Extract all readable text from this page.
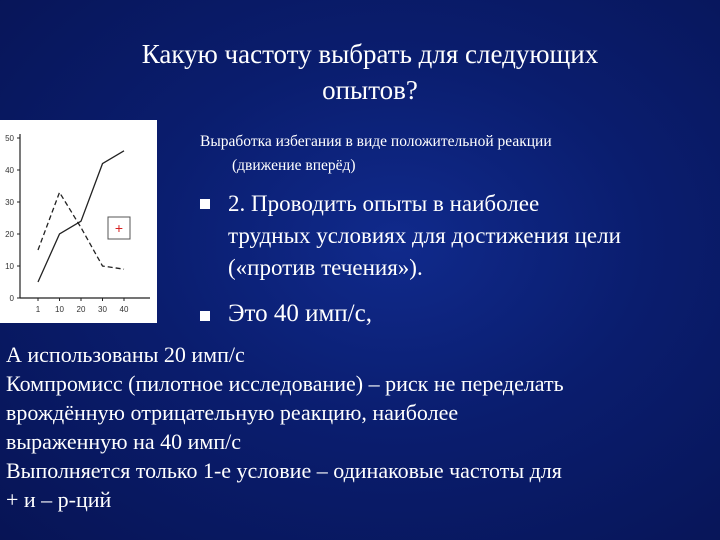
Какую частоту выбрать для следующих
опытов?
0
10
20
30
40
50
1 10 20 30 40
+
Выработка избегания в виде положительной реакции
(движение вперёд)
2. Проводить опыты в наиболее
трудных условиях для достижения цели
(«против течения»).
Это 40 имп/с,
А использованы 20 имп/с
Компромисс (пилотное исследование) – риск не переделать
врождённую отрицательную реакцию, наиболее
выраженную на 40 имп/с
Выполняется только 1-е условие – одинаковые частоты для
+ и – р-ций
